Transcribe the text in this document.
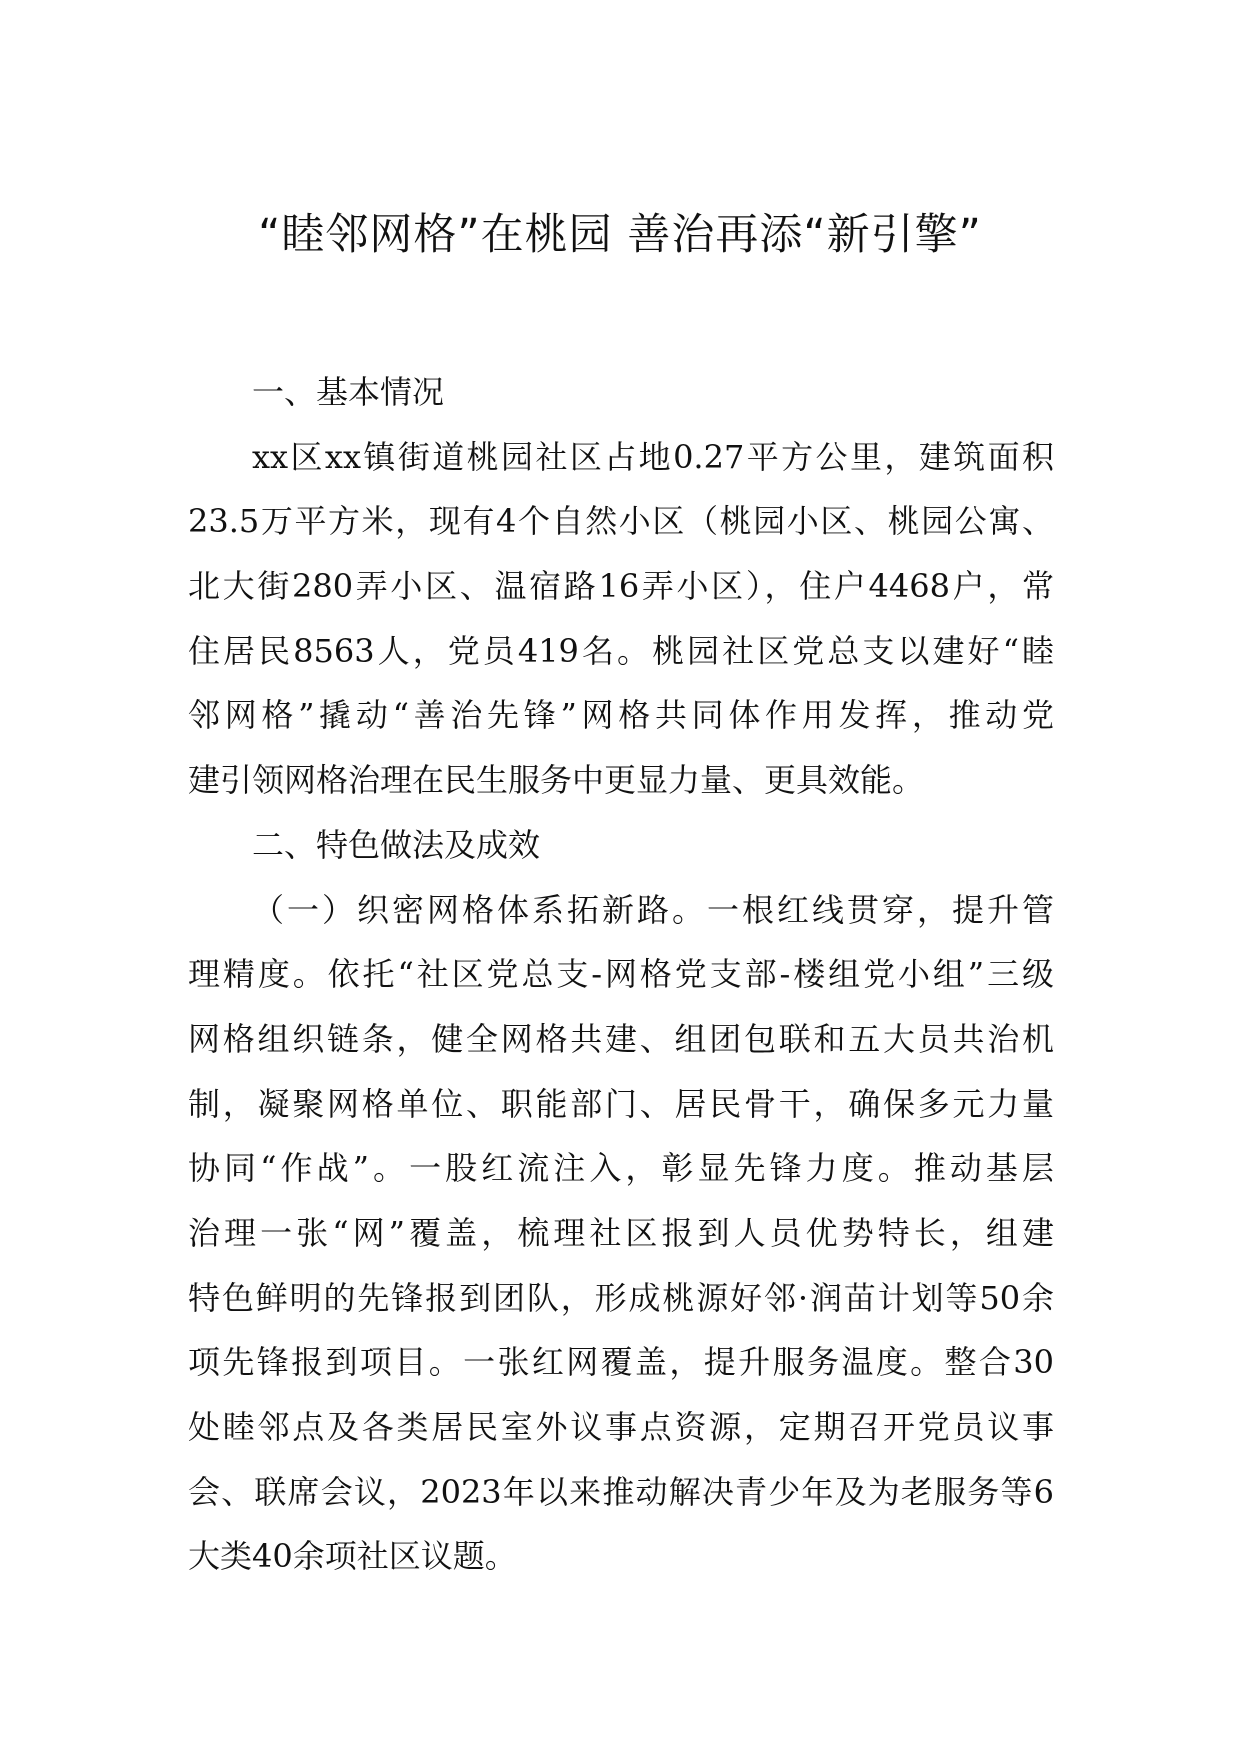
“睦邻网格”在桃园 善治再添“新引擎”
一、基本情况
xx区xx镇街道桃园社区占地0.27平方公里，建筑面积
23.5万平方米，现有4个自然小区（桃园小区、桃园公寓、
北大街280弄小区、温宿路16弄小区），住户4468户，常
住居民8563人，党员419名。桃园社区党总支以建好“睦
邻网格”撬动“善治先锋”网格共同体作用发挥，推动党
建引领网格治理在民生服务中更显力量、更具效能。
二、特色做法及成效
（一）织密网格体系拓新路。一根红线贯穿，提升管
理精度。依托“社区党总支-网格党支部-楼组党小组”三级
网格组织链条，健全网格共建、组团包联和五大员共治机
制，凝聚网格单位、职能部门、居民骨干，确保多元力量
协同“作战”。一股红流注入，彰显先锋力度。推动基层
治理一张“网”覆盖，梳理社区报到人员优势特长，组建
特色鲜明的先锋报到团队，形成桃源好邻·润苗计划等50余
项先锋报到项目。一张红网覆盖，提升服务温度。整合30
处睦邻点及各类居民室外议事点资源，定期召开党员议事
会、联席会议，2023年以来推动解决青少年及为老服务等6
大类40余项社区议题。
